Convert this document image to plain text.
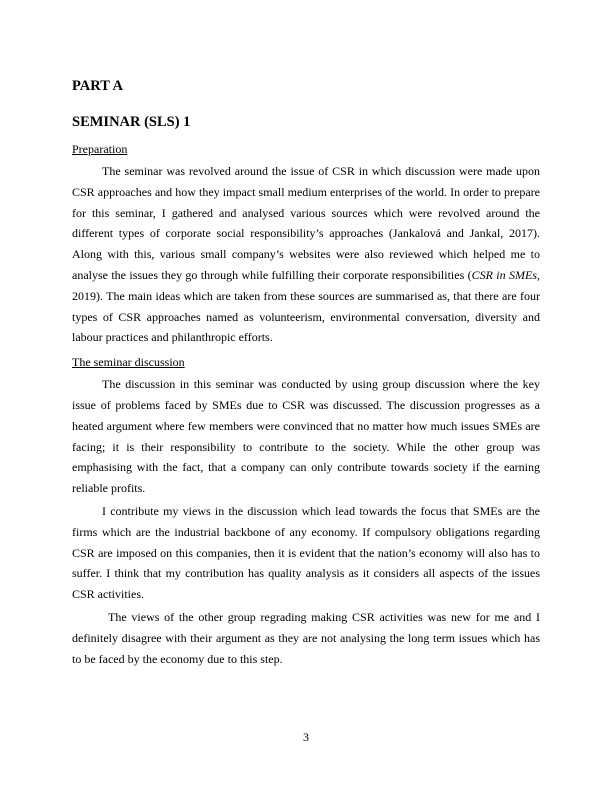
PART A
SEMINAR (SLS) 1

Preparation

The seminar was revolved around the issue of CSR in which discussion were made upon CSR approaches and how they impact small medium enterprises of the world. In order to prepare for this seminar, I gathered and analysed various sources which were revolved around the different types of corporate social responsibility’s approaches (Jankalová and Jankal, 2017). Along with this, various small company’s websites were also reviewed which helped me to analyse the issues they go through while fulfilling their corporate responsibilities (CSR in SMEs, 2019). The main ideas which are taken from these sources are summarised as, that there are four types of CSR approaches named as volunteerism, environmental conversation, diversity and labour practices and philanthropic efforts.

The seminar discussion

The discussion in this seminar was conducted by using group discussion where the key issue of problems faced by SMEs due to CSR was discussed. The discussion progresses as a heated argument where few members were convinced that no matter how much issues SMEs are facing; it is their responsibility to contribute to the society. While the other group was emphasising with the fact, that a company can only contribute towards society if the earning reliable profits.

I contribute my views in the discussion which lead towards the focus that SMEs are the firms which are the industrial backbone of any economy. If compulsory obligations regarding CSR are imposed on this companies, then it is evident that the nation’s economy will also has to suffer. I think that my contribution has quality analysis as it considers all aspects of the issues CSR activities.

The views of the other group regrading making CSR activities was new for me and I definitely disagree with their argument as they are not analysing the long term issues which has to be faced by the economy due to this step.

3
